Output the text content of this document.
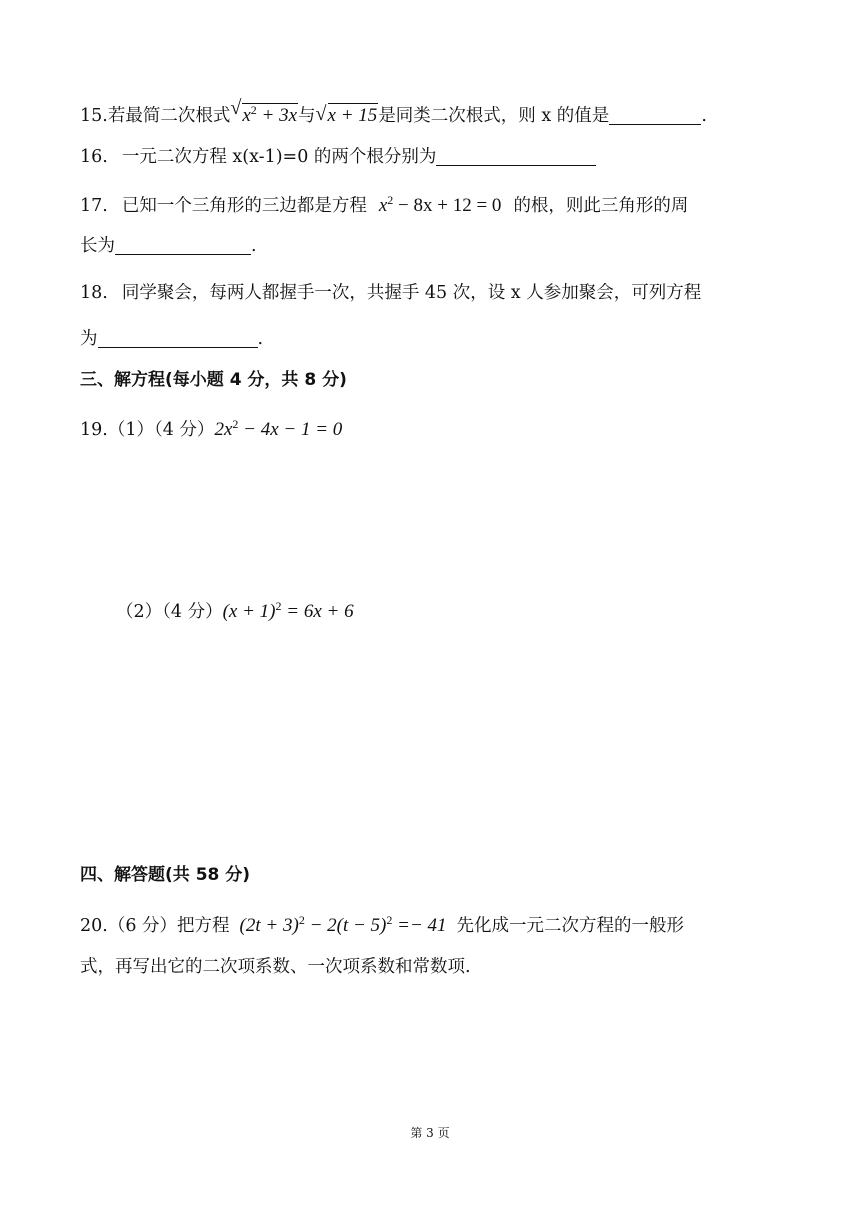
15.若最简二次根式 √ $x^2 + 3x$与 √ x + 15是同类二次根式，则 x 的值是	.
16. 一元二次方程 x(x-1)=0 的两个根分别为
17. 已知一个三角形的三边都是方程 $x^2 - 8x + 12 = 0$ 的根，则此三角形的周
长为	.
18. 同学聚会，每两人都握手一次，共握手 45 次，设 x 人参加聚会，可列方程
为	.
三、解方程(每小题 4 分，共 8 分)
19.（1）（4 分）$2x^2 - 4x - 1 = 0$
（2）（4 分）$(x + 1)^2 = 6x + 6$
四、解答题(共 58 分)
20.（6 分）把方程 $(2t + 3)^2 - 2(t - 5)^2 =- 41$ 先化成一元二次方程的一般形
式，再写出它的二次项系数、一次项系数和常数项.
第 3 页
